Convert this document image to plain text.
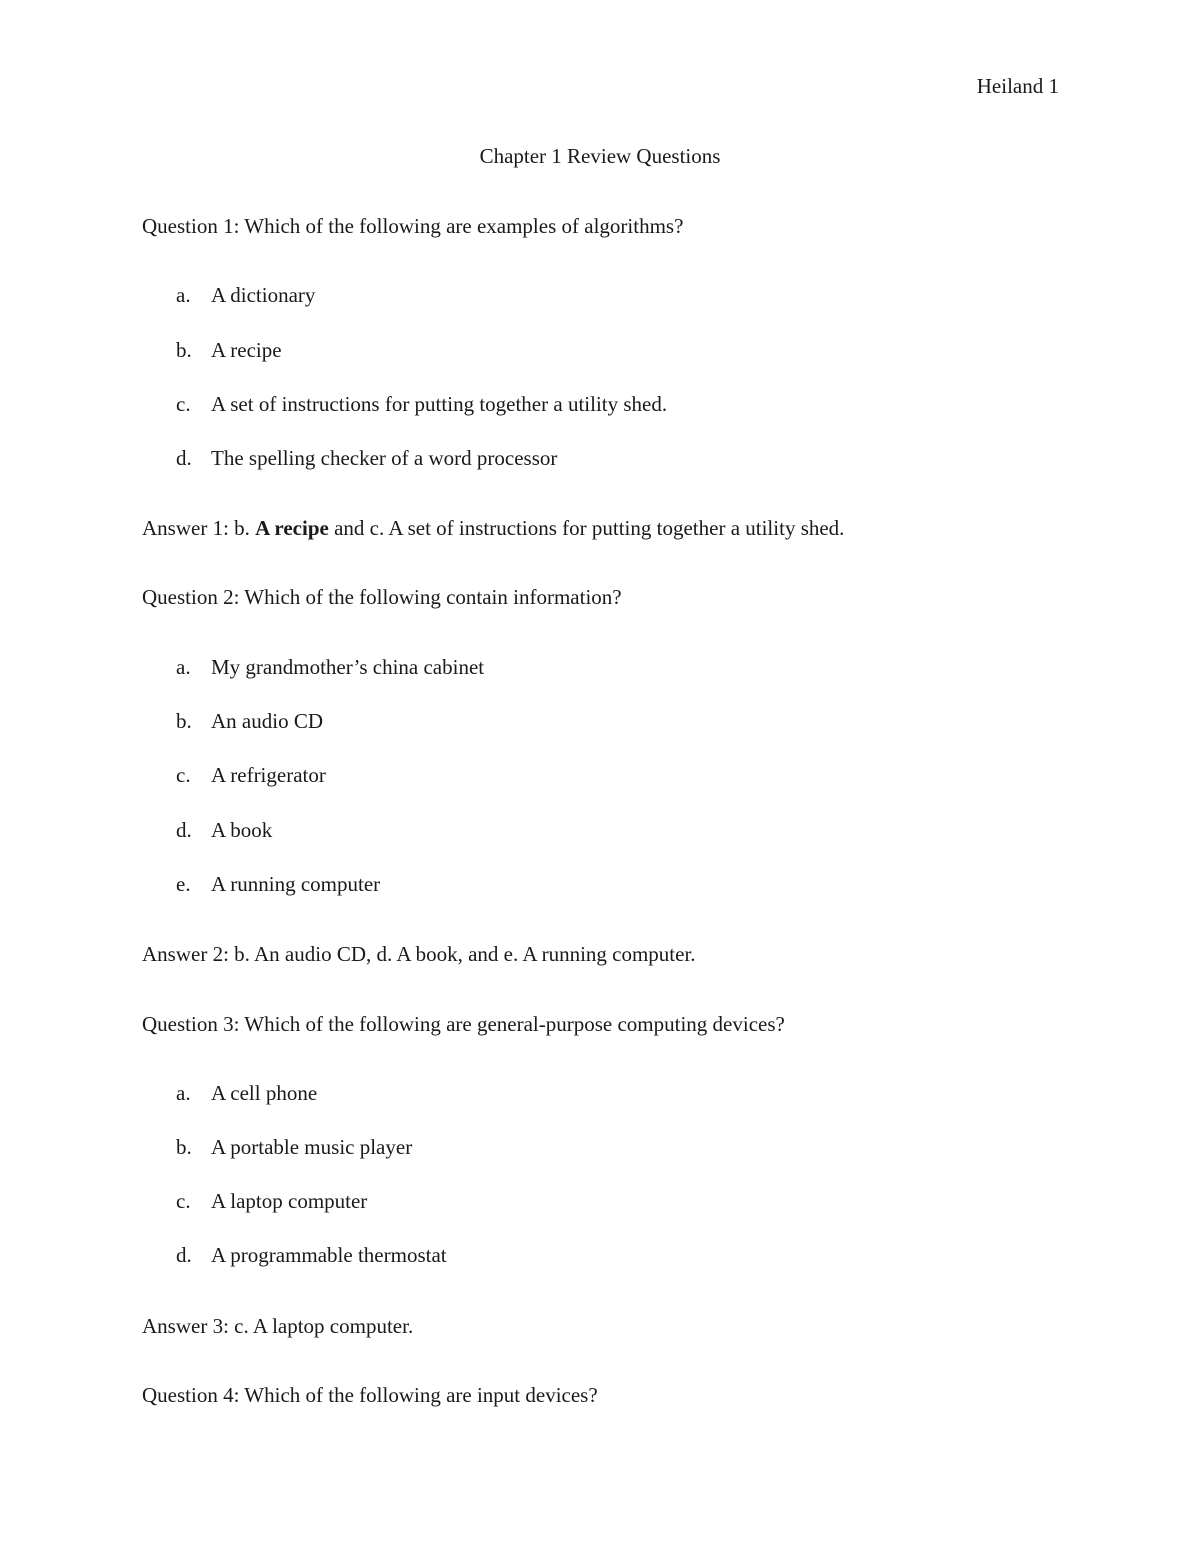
Heiland 1
Chapter 1 Review Questions
Question 1: Which of the following are examples of algorithms?
a. A dictionary
b. A recipe
c. A set of instructions for putting together a utility shed.
d. The spelling checker of a word processor
Answer 1: b. A recipe and c. A set of instructions for putting together a utility shed.
Question 2: Which of the following contain information?
a. My grandmother’s china cabinet
b. An audio CD
c. A refrigerator
d. A book
e. A running computer
Answer 2: b. An audio CD, d. A book, and e. A running computer.
Question 3: Which of the following are general-purpose computing devices?
a. A cell phone
b. A portable music player
c. A laptop computer
d. A programmable thermostat
Answer 3: c. A laptop computer.
Question 4: Which of the following are input devices?
